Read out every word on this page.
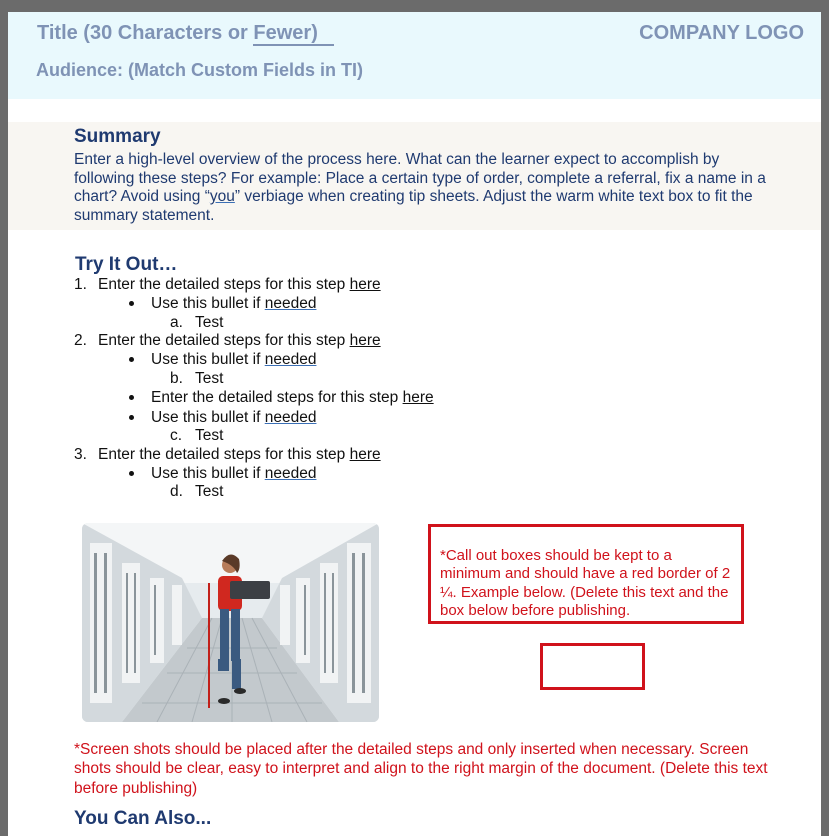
Title (30 Characters or Fewer)	COMPANY LOGO
Audience: (Match Custom Fields in TI)
Summary

Enter a high-level overview of the process here. What can the learner expect to accomplish by following these steps? For example: Place a certain type of order, complete a referral, fix a name in a chart? Avoid using “you” verbiage when creating tip sheets. Adjust the warm white text box to fit the summary statement.

Try It Out…
1. Enter the detailed steps for this step here
Use this bullet if needed
a. Test
2. Enter the detailed steps for this step here
Use this bullet if needed
b. Test
Enter the detailed steps for this step here
Use this bullet if needed
c. Test
3. Enter the detailed steps for this step here
Use this bullet if needed
d. Test

*Call out boxes should be kept to a minimum and should have a red border of 2 ¼. Example below. (Delete this text and the box below before publishing.

*Screen shots should be placed after the detailed steps and only inserted when necessary. Screen shots should be clear, easy to interpret and align to the right margin of the document. (Delete this text before publishing)

You Can Also...
